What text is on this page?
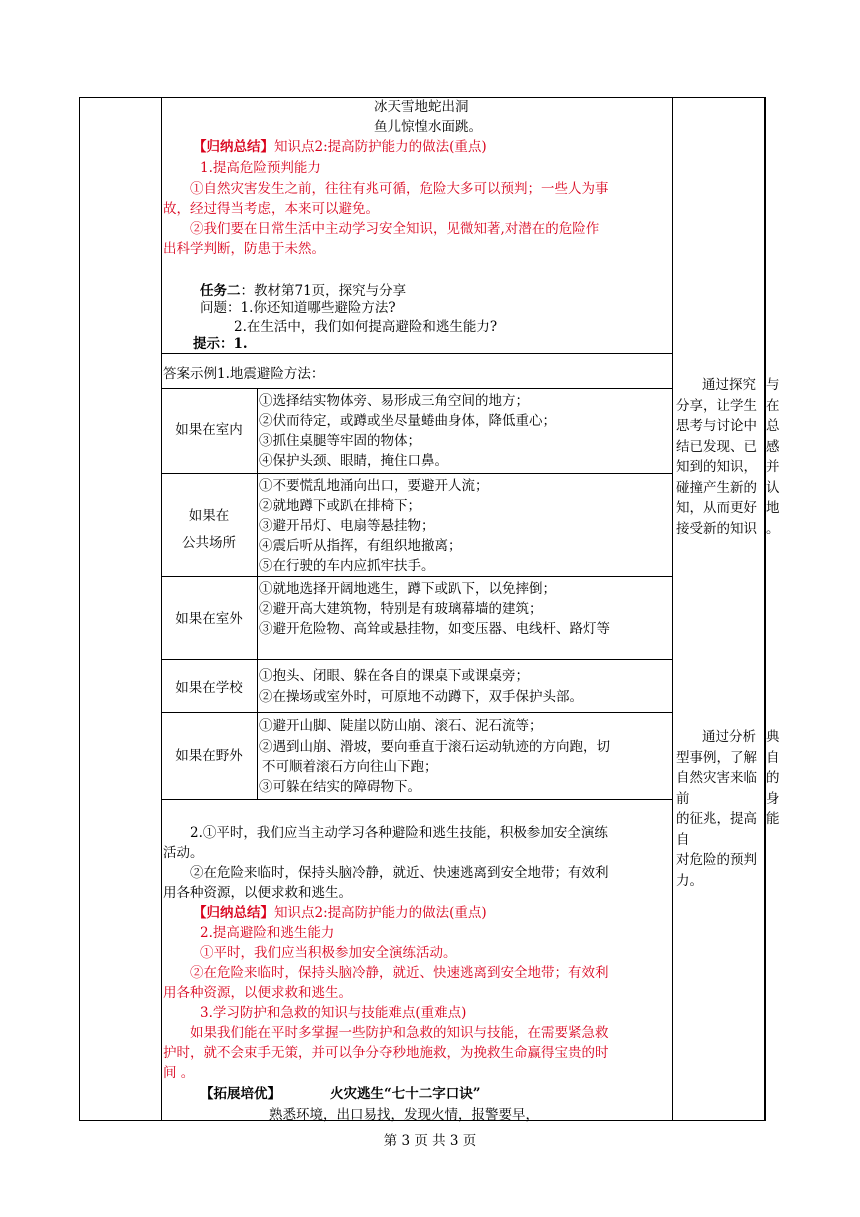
冰天雪地蛇出洞
鱼儿惊惶水面跳。
【归纳总结】知识点2:提高防护能力的做法(重点)
1.提高危险预判能力
①自然灾害发生之前，往往有兆可循，危险大多可以预判；一些人为事
故，经过得当考虑，本来可以避免。
②我们要在日常生活中主动学习安全知识，见微知著,对潜在的危险作
出科学判断，防患于未然。
任务二：教材第71页，探究与分享
问题：1.你还知道哪些避险方法?
2.在生活中，我们如何提高避险和逃生能力?
提示：1.
答案示例1.地震避险方法：
如果在室内
①选择结实物体旁、易形成三角空间的地方；
②伏而待定，或蹲或坐尽量蜷曲身体，降低重心；
③抓住桌腿等牢固的物体；
④保护头颈、眼睛，掩住口鼻。
如果在
公共场所
①不要慌乱地涌向出口，要避开人流；
②就地蹲下或趴在排椅下；
③避开吊灯、电扇等悬挂物；
④震后听从指挥，有组织地撤离；
⑤在行驶的车内应抓牢扶手。
如果在室外
①就地选择开阔地逃生，蹲下或趴下，以免摔倒；
②避开高大建筑物，特别是有玻璃幕墙的建筑；
③避开危险物、高耸或悬挂物，如变压器、电线杆、路灯等
如果在学校
①抱头、闭眼、躲在各自的课桌下或课桌旁；
②在操场或室外时，可原地不动蹲下，双手保护头部。
如果在野外
①避开山脚、陡崖以防山崩、滚石、泥石流等；
②遇到山崩、滑坡，要向垂直于滚石运动轨迹的方向跑，切
不可顺着滚石方向往山下跑；
③可躲在结实的障碍物下。
2.①平时，我们应当主动学习各种避险和逃生技能，积极参加安全演练
活动。
②在危险来临时，保持头脑冷静，就近、快速逃离到安全地带；有效利
用各种资源，以便求救和逃生。
【归纳总结】知识点2:提高防护能力的做法(重点)
2.提高避险和逃生能力
①平时，我们应当积极参加安全演练活动。
②在危险来临时，保持头脑冷静，就近、快速逃离到安全地带；有效利
用各种资源，以便求救和逃生。
3.学习防护和急救的知识与技能难点(重难点)
如果我们能在平时多掌握一些防护和急救的知识与技能，在需要紧急救
护时，就不会束手无策，并可以争分夺秒地施救，为挽救生命赢得宝贵的时
间 。
【拓展培优】	火灾逃生“七十二字口诀”
熟悉环境，出口易找，发现火情，报警要早，
通过探究
分享，让学生
思考与讨论中
结已发现、已
知到的知识，
碰撞产生新的
知，从而更好
接受新的知识
与
在
总
感
并
认
地
。
通过分析
型事例，了解
自然灾害来临前
的征兆，提高自
对危险的预判
力。
典
自
的
身
能
第 3 页 共 3 页
